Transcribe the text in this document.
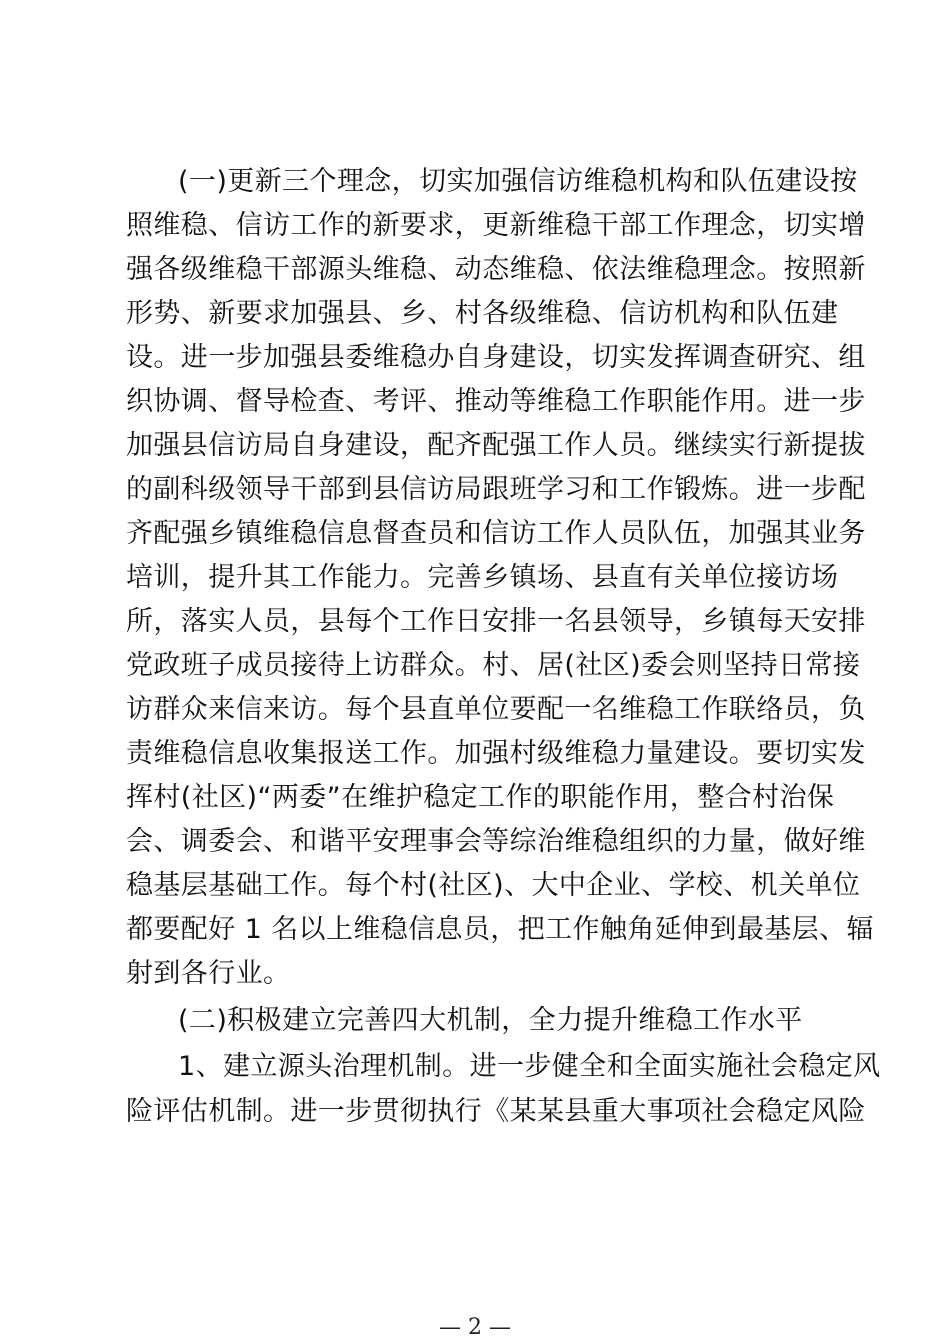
(一)更新三个理念，切实加强信访维稳机构和队伍建设按
照维稳、信访工作的新要求，更新维稳干部工作理念，切实增
强各级维稳干部源头维稳、动态维稳、依法维稳理念。按照新
形势、新要求加强县、乡、村各级维稳、信访机构和队伍建
设。进一步加强县委维稳办自身建设，切实发挥调查研究、组
织协调、督导检查、考评、推动等维稳工作职能作用。进一步
加强县信访局自身建设，配齐配强工作人员。继续实行新提拔
的副科级领导干部到县信访局跟班学习和工作锻炼。进一步配
齐配强乡镇维稳信息督查员和信访工作人员队伍，加强其业务
培训，提升其工作能力。完善乡镇场、县直有关单位接访场
所，落实人员，县每个工作日安排一名县领导，乡镇每天安排
党政班子成员接待上访群众。村、居(社区)委会则坚持日常接
访群众来信来访。每个县直单位要配一名维稳工作联络员，负
责维稳信息收集报送工作。加强村级维稳力量建设。要切实发
挥村(社区)“两委”在维护稳定工作的职能作用，整合村治保
会、调委会、和谐平安理事会等综治维稳组织的力量，做好维
稳基层基础工作。每个村(社区)、大中企业、学校、机关单位
都要配好 1 名以上维稳信息员，把工作触角延伸到最基层、辐
射到各行业。
(二)积极建立完善四大机制，全力提升维稳工作水平
1、建立源头治理机制。进一步健全和全面实施社会稳定风
险评估机制。进一步贯彻执行《某某县重大事项社会稳定风险
— 2 —
